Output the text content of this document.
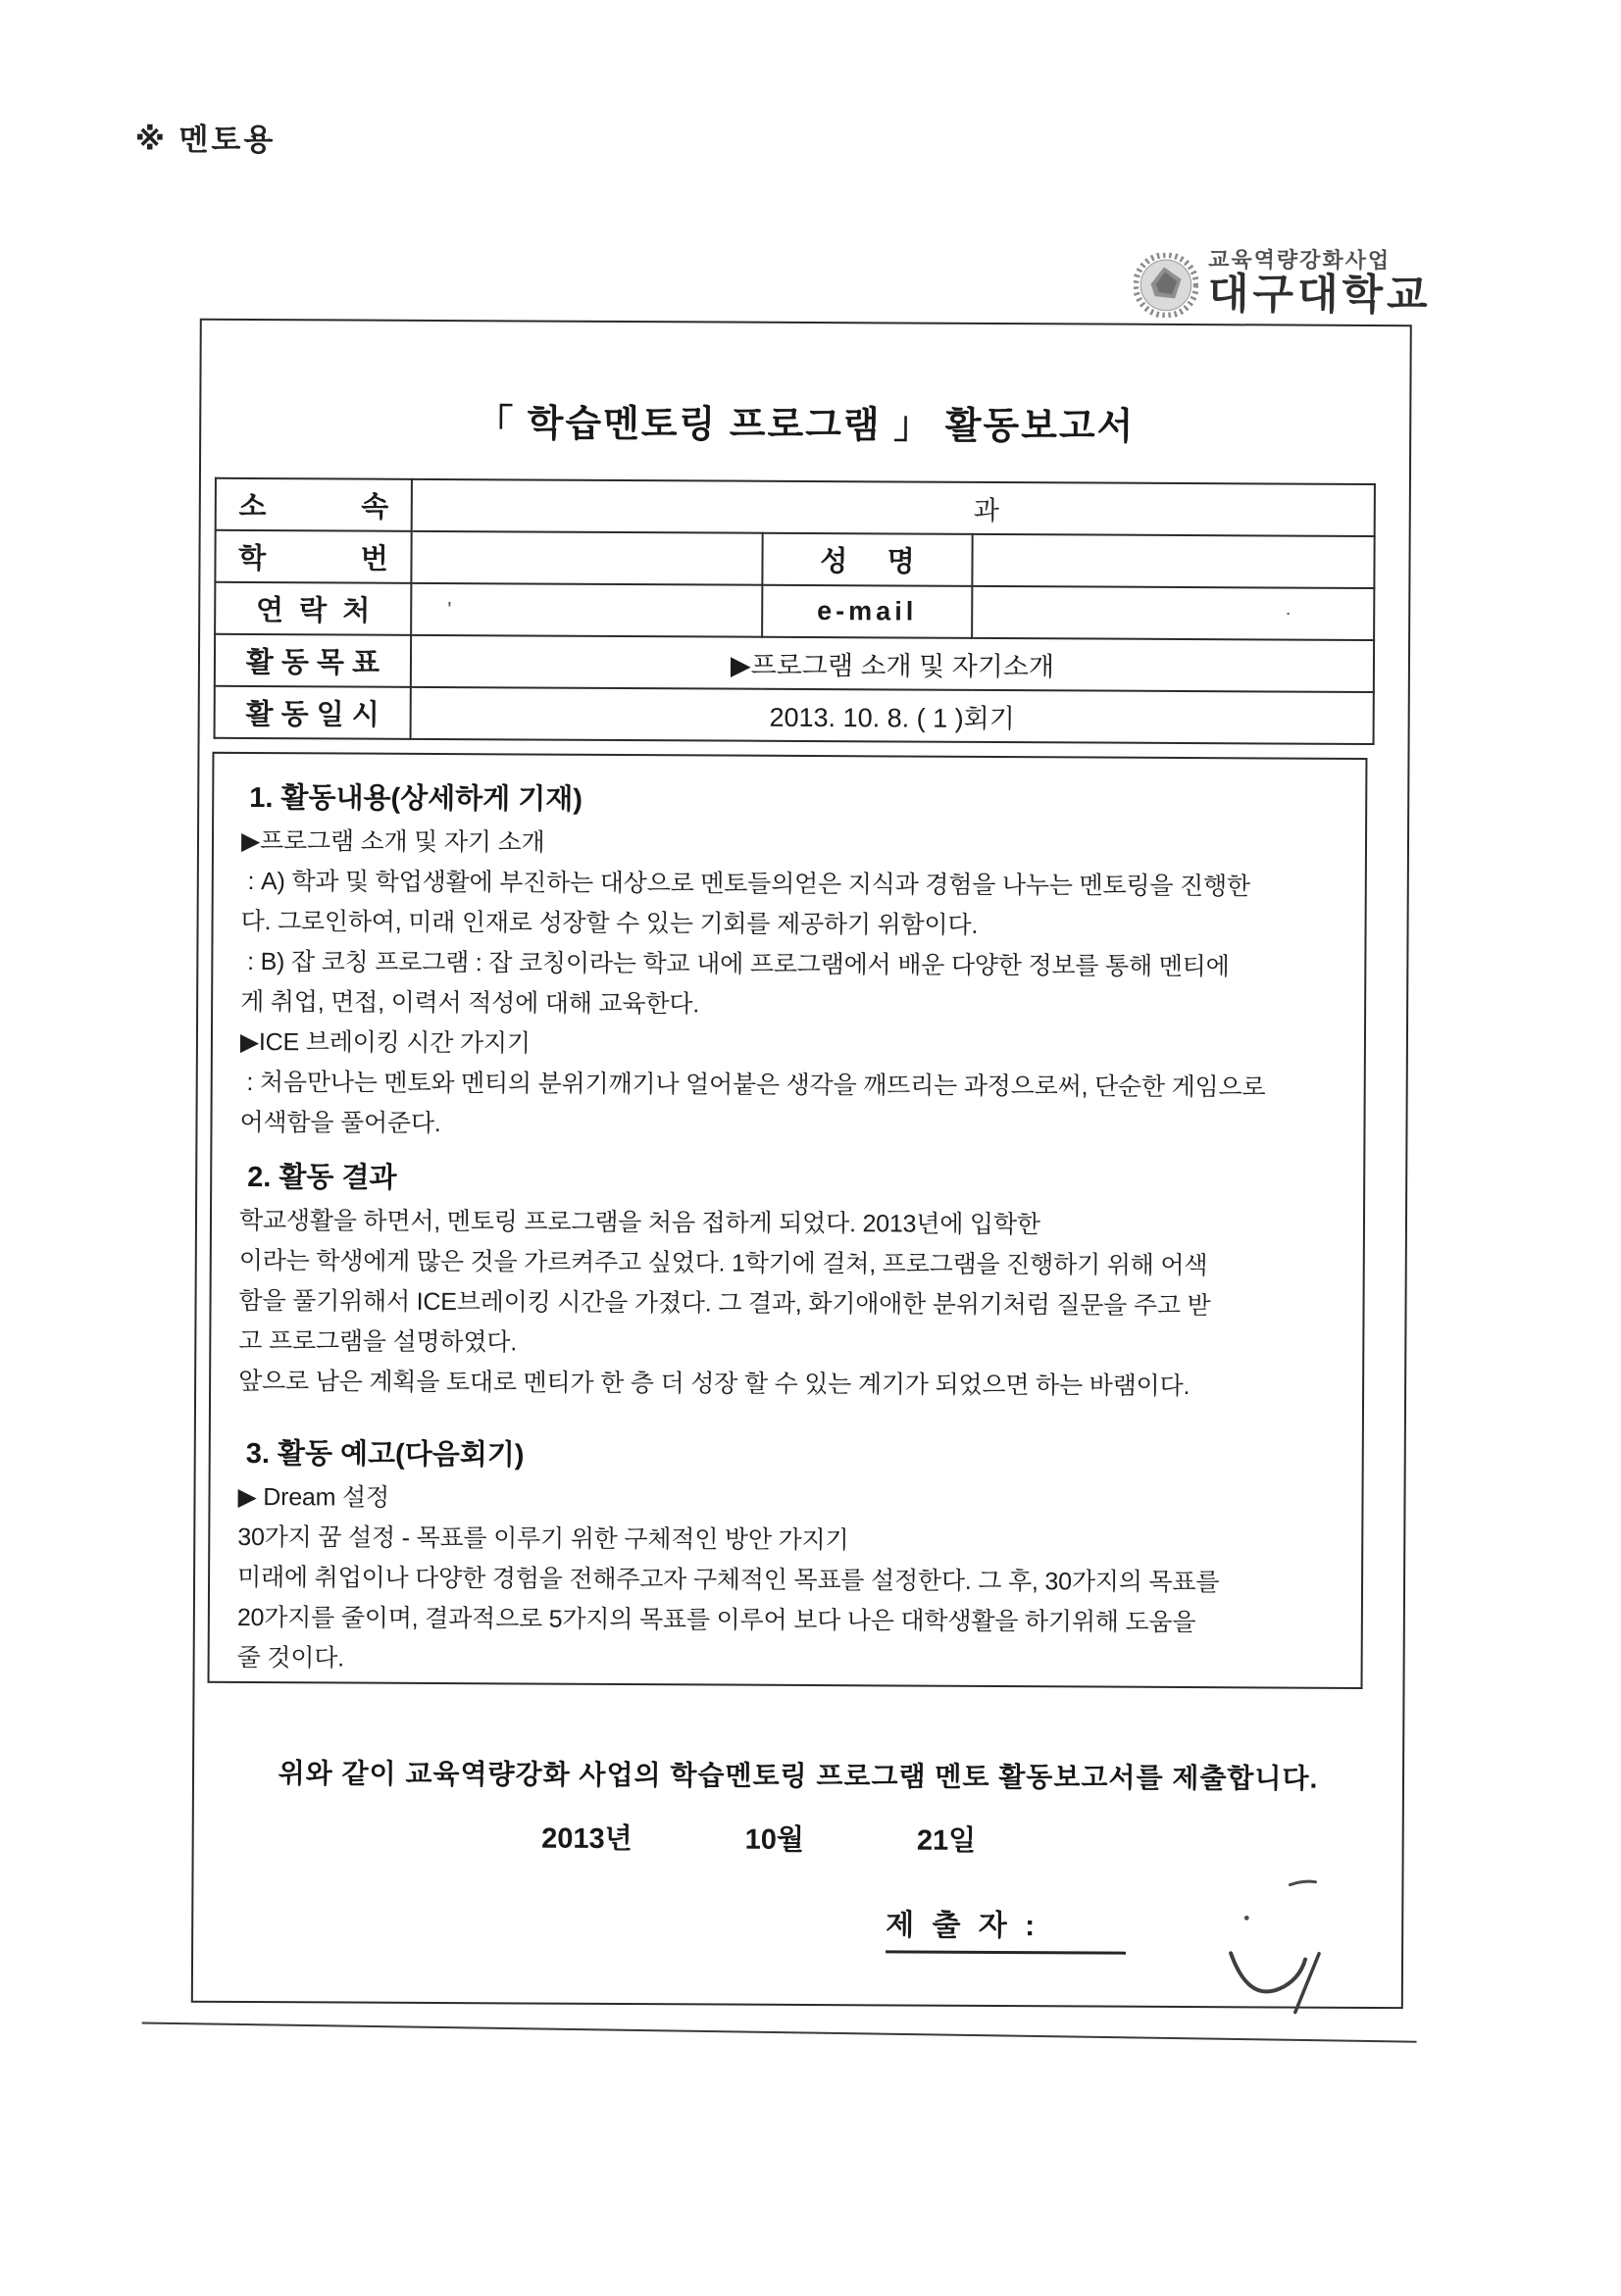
※ 멘토용
교육역량강화사업
대구대학교
「 학습멘토링 프로그램 」 활동보고서
소            속	과		
학            번		성     명	
연  락  처	'	e-mail	·
활 동 목 표	▶프로그램 소개 및 자기소개		
활 동 일 시	2013. 10. 8. ( 1 )회기		
1. 활동내용(상세하게 기재)
▶프로그램 소개 및 자기 소개
: A) 학과 및 학업생활에 부진하는 대상으로 멘토들의얻은 지식과 경험을 나누는 멘토링을 진행한
다. 그로인하여, 미래 인재로 성장할 수 있는 기회를 제공하기 위함이다.
: B) 잡 코칭 프로그램 : 잡 코칭이라는 학교 내에 프로그램에서 배운 다양한 정보를 통해 멘티에
게 취업, 면접, 이력서 적성에 대해 교육한다.
▶ICE 브레이킹 시간 가지기
: 처음만나는 멘토와 멘티의 분위기깨기나 얼어붙은 생각을 깨뜨리는 과정으로써, 단순한 게임으로
어색함을 풀어준다.
2. 활동 결과
학교생활을 하면서, 멘토링 프로그램을 처음 접하게 되었다. 2013년에 입학한
이라는 학생에게 많은 것을 가르켜주고 싶었다. 1학기에 걸쳐, 프로그램을 진행하기 위해 어색
함을 풀기위해서 ICE브레이킹 시간을 가졌다. 그 결과, 화기애애한 분위기처럼 질문을 주고 받
고 프로그램을 설명하였다.
앞으로 남은 계획을 토대로 멘티가 한 층 더 성장 할 수 있는 계기가 되었으면 하는 바램이다.
3. 활동 예고(다음회기)
▶ Dream 설정
30가지 꿈 설정 - 목표를 이루기 위한 구체적인 방안 가지기
미래에 취업이나 다양한 경험을 전해주고자 구체적인 목표를 설정한다. 그 후, 30가지의 목표를
20가지를 줄이며, 결과적으로 5가지의 목표를 이루어 보다 나은 대학생활을 하기위해 도움을
줄 것이다.
위와 같이 교육역량강화 사업의 학습멘토링 프로그램 멘토 활동보고서를 제출합니다.
2013년	10월	21일
제 출 자 :
